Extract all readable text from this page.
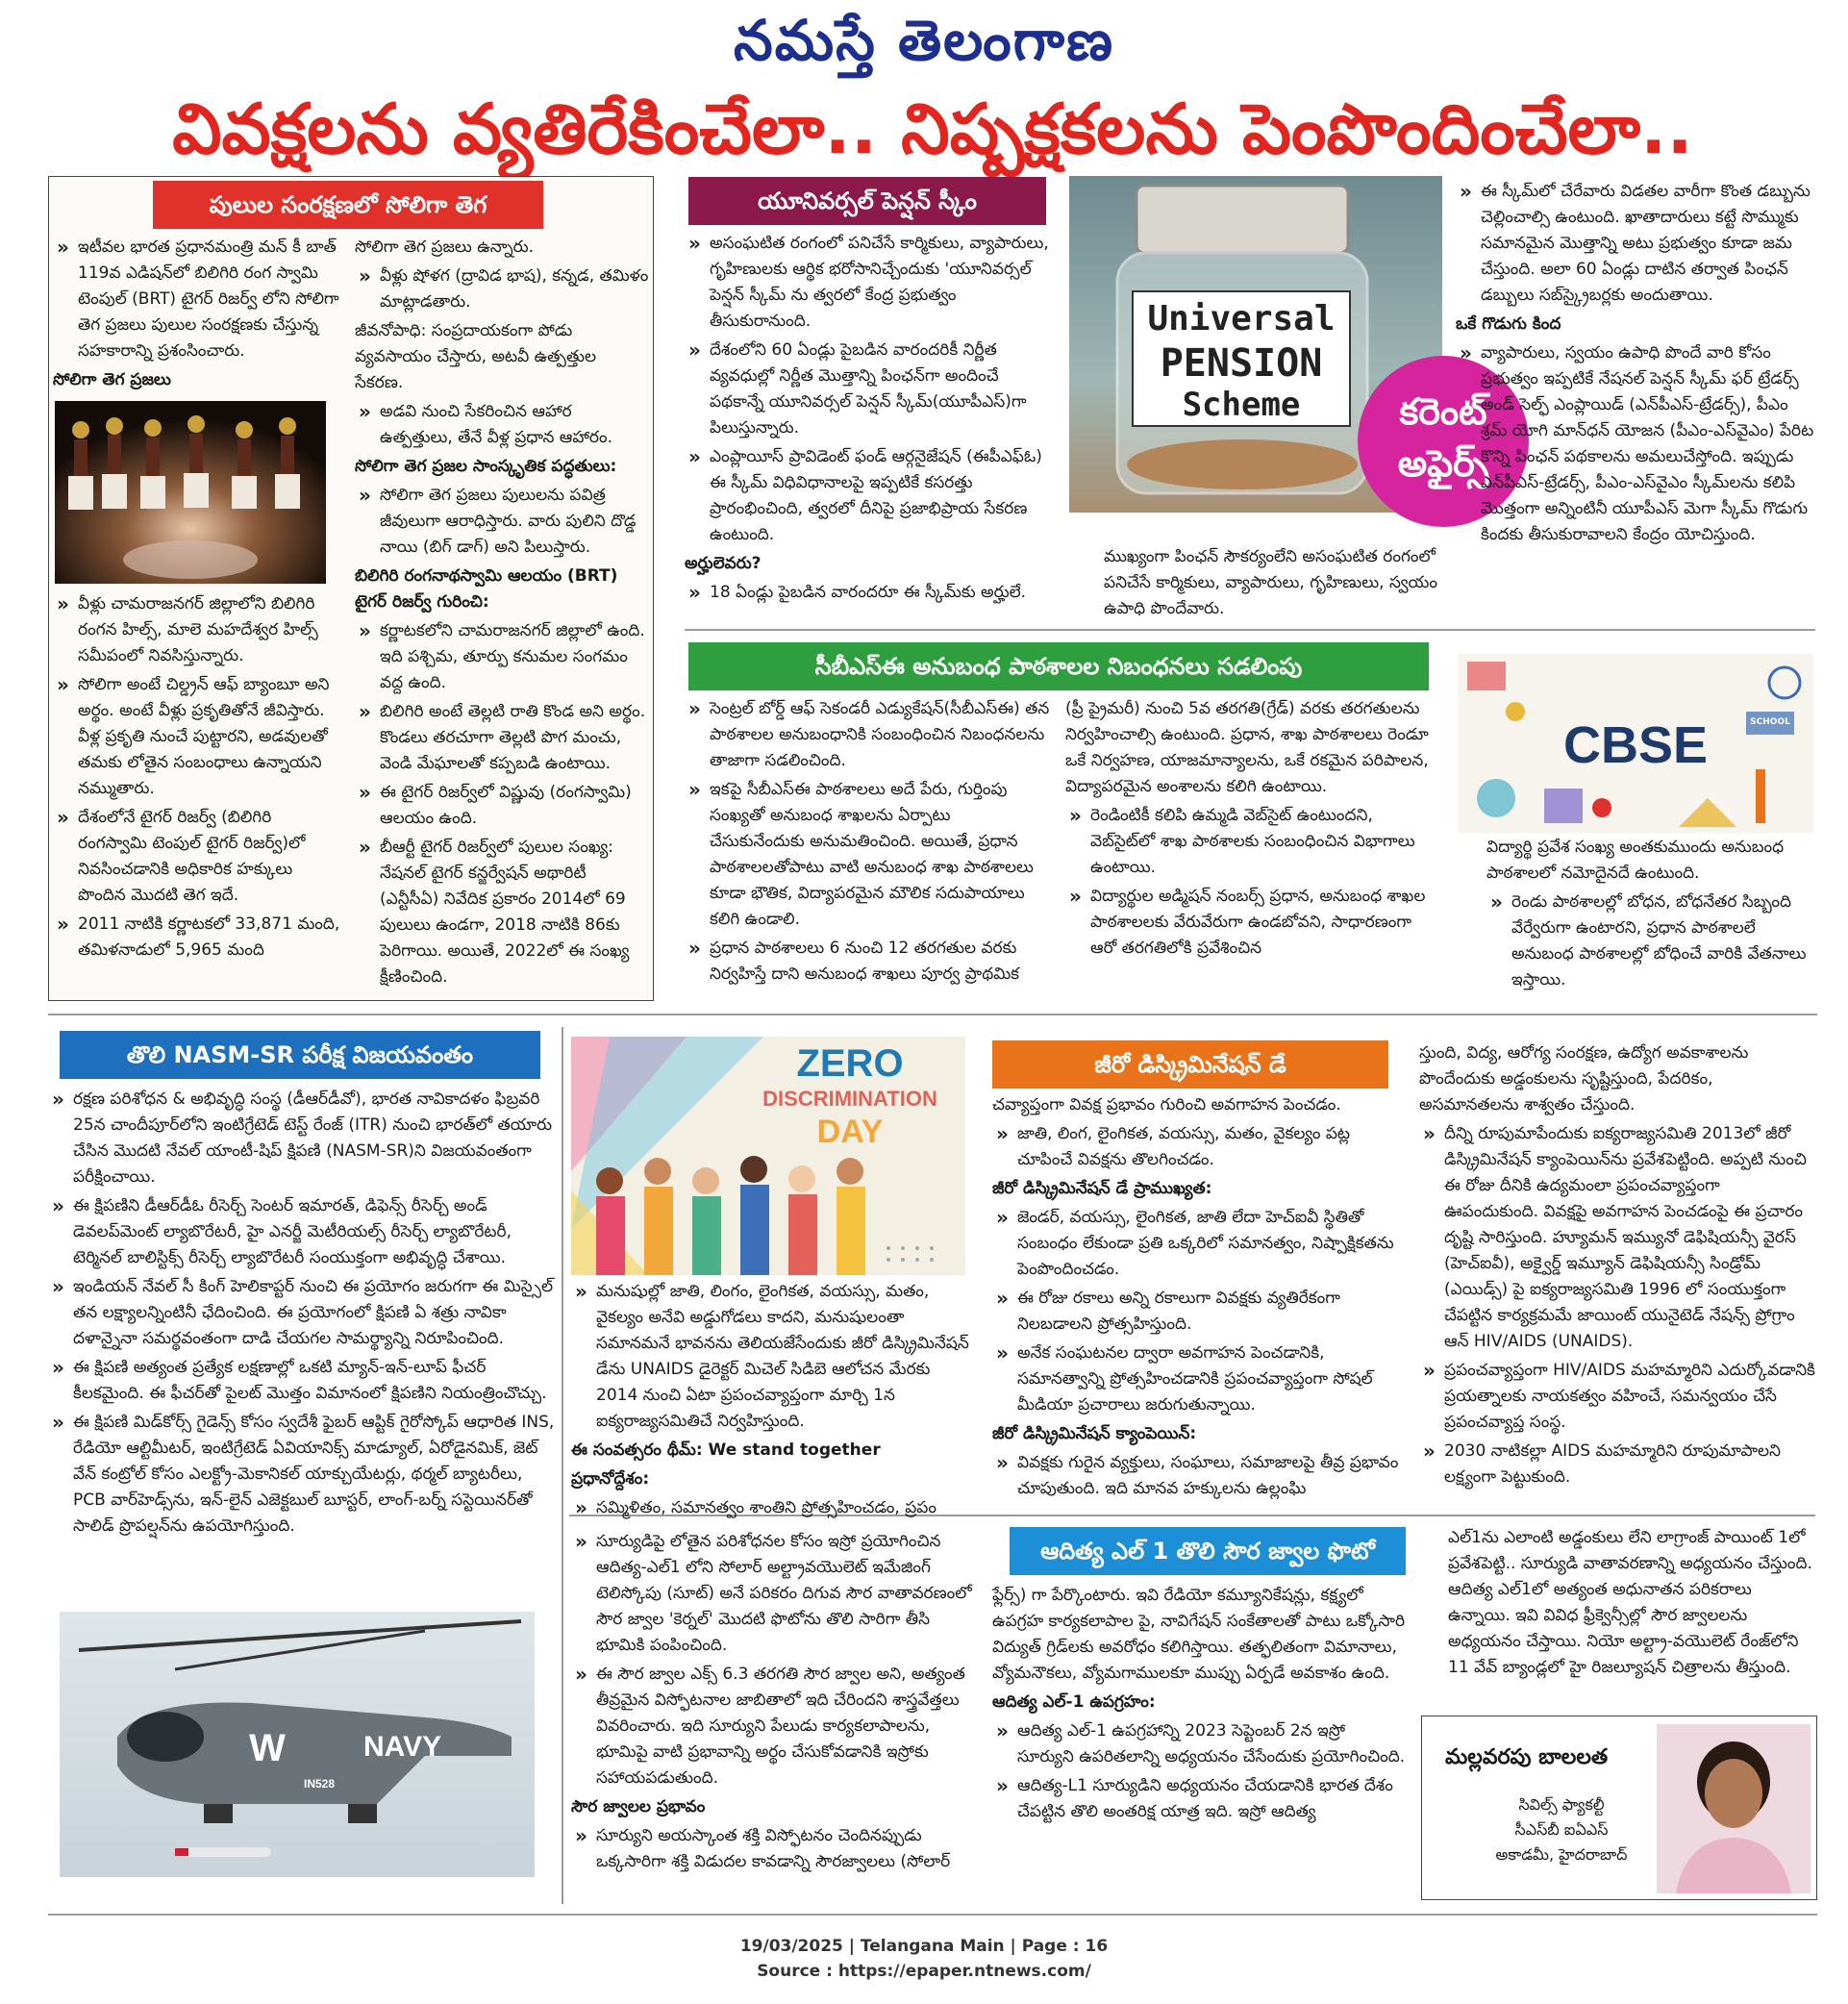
నమస్తే తెలంగాణ
వివక్షలను వ్యతిరేకించేలా.. నిష్పక్షకలను పెంపొందించేలా..
పులుల సంరక్షణలో సోలిగా తెగ

» ఇటీవల భారత ప్రధానమంత్రి మన్ కీ బాత్ 119వ ఎడిషన్‌లో బిలిగిరి రంగ స్వామి టెంపుల్ (BRT) టైగర్ రిజర్వ్ లోని సోలిగా తెగ ప్రజలు పులుల సంరక్షణకు చేస్తున్న సహకారాన్ని ప్రశంసించారు.

సోలిగా తెగ ప్రజలు

» వీళ్లు చామరాజనగర్ జిల్లాలోని బిలిగిరి రంగన హిల్స్, మాలె మహదేశ్వర హిల్స్ సమీపంలో నివసిస్తున్నారు.

» సోలిగా అంటే చిల్డ్రన్ ఆఫ్ బ్యాంబూ అని అర్థం. అంటే వీళ్లు ప్రకృతితోనే జీవిస్తారు. వీళ్ల ప్రకృతి నుంచే పుట్టారని, అడవులతో తమకు లోతైన సంబంధాలు ఉన్నాయని నమ్ముతారు.

» దేశంలోనే టైగర్ రిజర్వ్ (బిలిగిరి రంగస్వామి టెంపుల్ టైగర్ రిజర్వ్)లో నివసించడానికి అధికారిక హక్కులు పొందిన మొదటి తెగ ఇదే.

» 2011 నాటికి కర్ణాటకలో 33,871 మంది, తమిళనాడులో 5,965 మంది

సోలిగా తెగ ప్రజలు ఉన్నారు.

» వీళ్లు షోళగ (ద్రావిడ భాష), కన్నడ, తమిళం మాట్లాడతారు.

జీవనోపాధి: సంప్రదాయకంగా పోడు వ్యవసాయం చేస్తారు, అటవీ ఉత్పత్తుల సేకరణ.

» అడవి నుంచి సేకరించిన ఆహార ఉత్పత్తులు, తేనే వీళ్ల ప్రధాన ఆహారం.

సోలిగా తెగ ప్రజల సాంస్కృతిక పద్ధతులు:

» సోలిగా తెగ ప్రజలు పులులను పవిత్ర జీవులుగా ఆరాధిస్తారు. వారు పులిని దొడ్డ నాయి (బిగ్ డాగ్) అని పిలుస్తారు.

బిలిగిరి రంగనాథస్వామి ఆలయం (BRT) టైగర్ రిజర్వ్ గురించి:

» కర్ణాటకలోని చామరాజనగర్ జిల్లాలో ఉంది. ఇది పశ్చిమ, తూర్పు కనుమల సంగమం వద్ద ఉంది.

» బిలిగిరి అంటే తెల్లటి రాతి కొండ అని అర్థం. కొండలు తరచూగా తెల్లటి పొగ మంచు, వెండి మేఘాలతో కప్పబడి ఉంటాయి.

» ఈ టైగర్ రిజర్వ్‌లో విష్ణువు (రంగస్వామి) ఆలయం ఉంది.

» బీఆర్టీ టైగర్ రిజర్వ్‌లో పులుల సంఖ్య: నేషనల్ టైగర్ కన్జర్వేషన్ అథారిటీ (ఎన్టీసీఏ) నివేదిక ప్రకారం 2014లో 69 పులులు ఉండగా, 2018 నాటికి 86కు పెరిగాయి. అయితే, 2022లో ఈ సంఖ్య క్షీణించింది.

యూనివర్సల్ పెన్షన్ స్కీం

» అసంఘటిత రంగంలో పనిచేసే కార్మికులు, వ్యాపారులు, గృహిణులకు ఆర్థిక భరోసానిచ్చేందుకు 'యూనివర్సల్ పెన్షన్ స్కీమ్ ను త్వరలో కేంద్ర ప్రభుత్వం తీసుకురానుంది.

» దేశంలోని 60 ఏండ్లు పైబడిన వారందరికీ నిర్ణీత వ్యవధుల్లో నిర్ణీత మొత్తాన్ని పింఛన్‌గా అందించే పథకాన్నే యూనివర్సల్ పెన్షన్ స్కీమ్(యూపీఎస్)గా పిలుస్తున్నారు.

» ఎంప్లాయీస్ ప్రావిడెంట్ ఫండ్ ఆర్గనైజేషన్ (ఈపీఎఫ్ఓ) ఈ స్కీమ్ విధివిధానాలపై ఇప్పటికే కసరత్తు ప్రారంభించింది, త్వరలో దీనిపై ప్రజాభిప్రాయ సేకరణ ఉంటుంది.

అర్హులెవరు?

» 18 ఏండ్లు పైబడిన వారందరూ ఈ స్కీమ్‌కు అర్హులే.

Universal
PENSION
Scheme	కరెంట్
అఫైర్స్

ముఖ్యంగా పింఛన్ సౌకర్యంలేని అసంఘటిత రంగంలో పనిచేసే కార్మికులు, వ్యాపారులు, గృహిణులు, స్వయం ఉపాధి పొందేవారు.

» ఈ స్కీమ్‌లో చేరేవారు విడతల వారీగా కొంత డబ్బును చెల్లించాల్సి ఉంటుంది. ఖాతాదారులు కట్టే సొమ్ముకు సమానమైన మొత్తాన్ని అటు ప్రభుత్వం కూడా జమ చేస్తుంది. అలా 60 ఏండ్లు దాటిన తర్వాత పింఛన్ డబ్బులు సబ్‌స్క్రైబర్లకు అందుతాయి.

ఒకే గొడుగు కింద

» వ్యాపారులు, స్వయం ఉపాధి పొందే వారి కోసం ప్రభుత్వం ఇప్పటికే నేషనల్ పెన్షన్ స్కీమ్ ఫర్ ట్రేడర్స్ అండ్ సెల్ఫ్ ఎంప్లాయిడ్ (ఎన్‌పీఎస్-ట్రేడర్స్), పీఎం శ్రమ్ యోగి మాన్‌ధన్ యోజన (పీఎం-ఎస్‌వైఎం) పేరిట కొన్ని పింఛన్ పథకాలను అమలుచేస్తోంది. ఇప్పుడు ఎన్‌పీఎస్-ట్రేడర్స్, పీఎం-ఎస్‌వైఎం స్కీమ్‌లను కలిపి మొత్తంగా అన్నింటినీ యూపీఎస్ మెగా స్కీమ్ గొడుగు కిందకు తీసుకురావాలని కేంద్రం యోచిస్తుంది.

సీబీఎస్‌ఈ అనుబంధ పాఠశాలల నిబంధనలు సడలింపు

» సెంట్రల్ బోర్డ్ ఆఫ్ సెకండరీ ఎడ్యుకేషన్(సీబీఎస్ఈ) తన పాఠశాలల అనుబంధానికి సంబంధించిన నిబంధనలను తాజాగా సడలించింది.

» ఇకపై సీబీఎస్‌ఈ పాఠశాలలు అదే పేరు, గుర్తింపు సంఖ్యతో అనుబంధ శాఖలను ఏర్పాటు చేసుకునేందుకు అనుమతించింది. అయితే, ప్రధాన పాఠశాలలతోపాటు వాటి అనుబంధ శాఖ పాఠశాలలు కూడా భౌతిక, విద్యాపరమైన మౌలిక సదుపాయాలు కలిగి ఉండాలి.

» ప్రధాన పాఠశాలలు 6 నుంచి 12 తరగతుల వరకు నిర్వహిస్తే దాని అనుబంధ శాఖలు పూర్వ ప్రాథమిక

(ప్రీ ప్రైమరీ) నుంచి 5వ తరగతి(గ్రేడ్) వరకు తరగతులను నిర్వహించాల్సి ఉంటుంది. ప్రధాన, శాఖ పాఠశాలలు రెండూ ఒకే నిర్వహణ, యాజమాన్యాలను, ఒకే రకమైన పరిపాలన, విద్యాపరమైన అంశాలను కలిగి ఉంటాయి.

» రెండింటికీ కలిపి ఉమ్మడి వెబ్‌సైట్ ఉంటుందని, వెబ్‌సైట్‌లో శాఖ పాఠశాలకు సంబంధించిన విభాగాలు ఉంటాయి.

» విద్యార్థుల అడ్మిషన్ నంబర్స్ ప్రధాన, అనుబంధ శాఖల పాఠశాలలకు వేరువేరుగా ఉండబోవని, సాధారణంగా ఆరో తరగతిలోకి ప్రవేశించిన

CBSE	SCHOOL

విద్యార్థి ప్రవేశ సంఖ్య అంతకుముందు అనుబంధ పాఠశాలలో నమోదైనదే ఉంటుంది.

» రెండు పాఠశాలల్లో బోధన, బోధనేతర సిబ్బంది వేర్వేరుగా ఉంటారని, ప్రధాన పాఠశాలలే అనుబంధ పాఠశాలల్లో బోధించే వారికి వేతనాలు ఇస్తాయి.

తొలి NASM-SR పరీక్ష విజయవంతం

» రక్షణ పరిశోధన & అభివృద్ధి సంస్థ (డీఆర్‌డీవో), భారత నావికాదళం ఫిబ్రవరి 25న చాందీపూర్‌లోని ఇంటిగ్రేటెడ్ టెస్ట్ రేంజ్ (ITR) నుంచి భారత్‌లో తయారు చేసిన మొదటి నేవల్ యాంటీ-షిప్ క్షిపణి (NASM-SR)ని విజయవంతంగా పరీక్షించాయి.

» ఈ క్షిపణిని డీఆర్‌డీఓ రీసెర్చ్ సెంటర్ ఇమారత్, డిఫెన్స్ రీసెర్చ్ అండ్ డెవలప్‌మెంట్ ల్యాబొరేటరీ, హై ఎనర్జీ మెటీరియల్స్ రీసెర్చ్ ల్యాబొరేటరీ, టెర్మినల్ బాలిస్టిక్స్ రీసెర్చ్ ల్యాబొరేటరీ సంయుక్తంగా అభివృద్ధి చేశాయి.

» ఇండియన్ నేవల్ సీ కింగ్ హెలికాప్టర్ నుంచి ఈ ప్రయోగం జరుగగా ఈ మిస్సైల్ తన లక్ష్యాలన్నింటినీ ఛేదించింది. ఈ ప్రయోగంలో క్షిపణి ఏ శత్రు నావికా దళాన్నైనా సమర్థవంతంగా దాడి చేయగల సామర్థ్యాన్ని నిరూపించింది.

» ఈ క్షిపణి అత్యంత ప్రత్యేక లక్షణాల్లో ఒకటి మ్యాన్-ఇన్-లూప్ ఫీచర్ కీలకమైంది. ఈ ఫీచర్‌తో పైలట్ మొత్తం విమానంలో క్షిపణిని నియంత్రించొచ్చు.

» ఈ క్షిపణి మిడ్‌కోర్స్ గైడెన్స్ కోసం స్వదేశీ ఫైబర్ ఆప్టిక్ గైరోస్కోప్ ఆధారిత INS, రేడియో ఆల్టిమీటర్, ఇంటిగ్రేటెడ్ ఏవియానిక్స్ మాడ్యూల్, ఏరోడైనమిక్, జెట్ వేన్ కంట్రోల్ కోసం ఎలక్ట్రో-మెకానికల్ యాక్చుయేటర్లు, థర్మల్ బ్యాటరీలు, PCB వార్‌హెడ్స్‌ను, ఇన్-లైన్ ఎజెక్టబుల్ బూస్టర్, లాంగ్-బర్న్ సస్టెయినర్‌తో సాలిడ్ ప్రొపల్షన్‌ను ఉపయోగిస్తుంది.

W	NAVY
IN528
ZERO
DISCRIMINATION
DAY

» మనుషుల్లో జాతి, లింగం, లైంగికత, వయస్సు, మతం, వైకల్యం అనేవి అడ్డుగోడలు కాదని, మనుషులంతా సమానమనే భావనను తెలియజేసేందుకు జీరో డిస్క్రిమినేషన్ డేను UNAIDS డైరెక్టర్ మిచెల్ సిడిబె ఆలోచన మేరకు 2014 నుంచి ఏటా ప్రపంచవ్యాప్తంగా మార్చి 1న ఐక్యరాజ్యసమితిచే నిర్వహిస్తుంది.

ఈ సంవత్సరం థీమ్: We stand together

ప్రధానోద్దేశం:

» సమ్మిళితం, సమానత్వం శాంతిని ప్రోత్సహించడం, ప్రపం

జీరో డిస్క్రిమినేషన్ డే

చవ్యాప్తంగా వివక్ష ప్రభావం గురించి అవగాహన పెంచడం.

» జాతి, లింగ, లైంగికత, వయస్సు, మతం, వైకల్యం పట్ల చూపించే వివక్షను తొలగించడం.

జీరో డిస్క్రిమినేషన్ డే ప్రాముఖ్యత:

» జెండర్, వయస్సు, లైంగికత, జాతి లేదా హెచ్‌ఐవీ స్థితితో సంబంధం లేకుండా ప్రతి ఒక్కరిలో సమానత్వం, నిష్పాక్షికతను పెంపొందించడం.

» ఈ రోజు రకాలు అన్ని రకాలుగా వివక్షకు వ్యతిరేకంగా నిలబడాలని ప్రోత్సహిస్తుంది.

» అనేక సంఘటనల ద్వారా అవగాహన పెంచడానికి, సమానత్వాన్ని ప్రోత్సహించడానికి ప్రపంచవ్యాప్తంగా సోషల్ మీడియా ప్రచారాలు జరుగుతున్నాయి.

జీరో డిస్క్రిమినేషన్ క్యాంపెయిన్:

» వివక్షకు గురైన వ్యక్తులు, సంఘాలు, సమాజాలపై తీవ్ర ప్రభావం చూపుతుంది. ఇది మానవ హక్కులను ఉల్లంఘి

స్తుంది, విద్య, ఆరోగ్య సంరక్షణ, ఉద్యోగ అవకాశాలను పొందేందుకు అడ్డంకులను సృష్టిస్తుంది, పేదరికం, అసమానతలను శాశ్వతం చేస్తుంది.

» దీన్ని రూపుమాపేందుకు ఐక్యరాజ్యసమితి 2013లో జీరో డిస్క్రిమినేషన్ క్యాంపెయిన్‌ను ప్రవేశపెట్టింది. అప్పటి నుంచి ఈ రోజు దీనికి ఉద్యమంలా ప్రపంచవ్యాప్తంగా ఊపందుకుంది. వివక్షపై అవగాహన పెంచడంపై ఈ ప్రచారం దృష్టి సారిస్తుంది. హ్యూమన్ ఇమ్యునో డెఫిషియన్సీ వైరస్ (హెచ్‌ఐవీ), అక్వైర్డ్ ఇమ్యూన్ డెఫిషియన్సీ సిండ్రోమ్ (ఎయిడ్స్) పై ఐక్యరాజ్యసమితి 1996 లో సంయుక్తంగా చేపట్టిన కార్యక్రమమే జాయింట్ యునైటెడ్ నేషన్స్ ప్రోగ్రాం ఆన్ HIV/AIDS (UNAIDS).

» ప్రపంచవ్యాప్తంగా HIV/AIDS మహమ్మారిని ఎదుర్కోవడానికి ప్రయత్నాలకు నాయకత్వం వహించే, సమన్వయం చేసే ప్రపంచవ్యాప్త సంస్థ.

» 2030 నాటికల్లా AIDS మహమ్మారిని రూపుమాపాలని లక్ష్యంగా పెట్టుకుంది.

» సూర్యుడిపై లోతైన పరిశోధనల కోసం ఇస్రో ప్రయోగించిన ఆదిత్య-ఎల్1 లోని సోలార్ అల్ట్రావయొలెట్ ఇమేజింగ్ టెలిస్కోపు (సూట్) అనే పరికరం దిగువ సౌర వాతావరణంలో సౌర జ్వాల 'కెర్నల్' మొదటి ఫొటోను తొలి సారిగా తీసి భూమికి పంపించింది.

» ఈ సౌర జ్వాల ఎక్స్ 6.3 తరగతి సౌర జ్వాల అని, అత్యంత తీవ్రమైన విస్ఫోటనాల జాబితాలో ఇది చేరిందని శాస్త్రవేత్తలు వివరించారు. ఇది సూర్యుని పేలుడు కార్యకలాపాలను, భూమిపై వాటి ప్రభావాన్ని అర్థం చేసుకోవడానికి ఇస్రోకు సహాయపడుతుంది.

సౌర జ్వాలల ప్రభావం

» సూర్యుని అయస్కాంత శక్తి విస్ఫోటనం చెందినప్పుడు ఒక్కసారిగా శక్తి విడుదల కావడాన్ని సౌరజ్వాలలు (సోలార్

ఆదిత్య ఎల్ 1 తొలి సౌర జ్వాల ఫొటో

ఫ్లేర్స్) గా పేర్కొంటారు. ఇవి రేడియో కమ్యూనికేషన్లు, కక్ష్యలో ఉపగ్రహ కార్యకలాపాల పై, నావిగేషన్ సంకేతాలతో పాటు ఒక్కోసారి విద్యుత్ గ్రిడ్‌లకు అవరోధం కలిగిస్తాయి. తత్ఫలితంగా విమానాలు, వ్యోమనౌకలు, వ్యోమగాములకూ ముప్పు ఏర్పడే అవకాశం ఉంది.

ఆదిత్య ఎల్-1 ఉపగ్రహం:

» ఆదిత్య ఎల్-1 ఉపగ్రహాన్ని 2023 సెప్టెంబర్ 2న ఇస్రో సూర్యుని ఉపరితలాన్ని అధ్యయనం చేసేందుకు ప్రయోగించింది.

» ఆదిత్య-L1 సూర్యుడిని అధ్యయనం చేయడానికి భారత దేశం చేపట్టిన తొలి అంతరిక్ష యాత్ర ఇది. ఇస్రో ఆదిత్య

ఎల్1ను ఎలాంటి అడ్డంకులు లేని లాగ్రాంజ్ పాయింట్ 1లో ప్రవేశపెట్టి.. సూర్యుడి వాతావరణాన్ని అధ్యయనం చేస్తుంది. ఆదిత్య ఎల్1లో అత్యంత అధునాతన పరికరాలు ఉన్నాయి. ఇవి వివిధ ఫ్రీక్వెన్సీల్లో సౌర జ్వాలలను అధ్యయనం చేస్తాయి. నియో అల్ట్రా-వయొలెట్ రేంజ్‌లోని 11 వేవ్ బ్యాండ్లలో హై రిజల్యూషన్ చిత్రాలను తీస్తుంది.

మల్లవరపు బాలలత
సివిల్స్ ఫ్యాకల్టీ
సీఎస్‌బీ ఐఏఎస్
అకాడమీ, హైదరాబాద్
19/03/2025 | Telangana Main | Page : 16
Source : https://epaper.ntnews.com/
